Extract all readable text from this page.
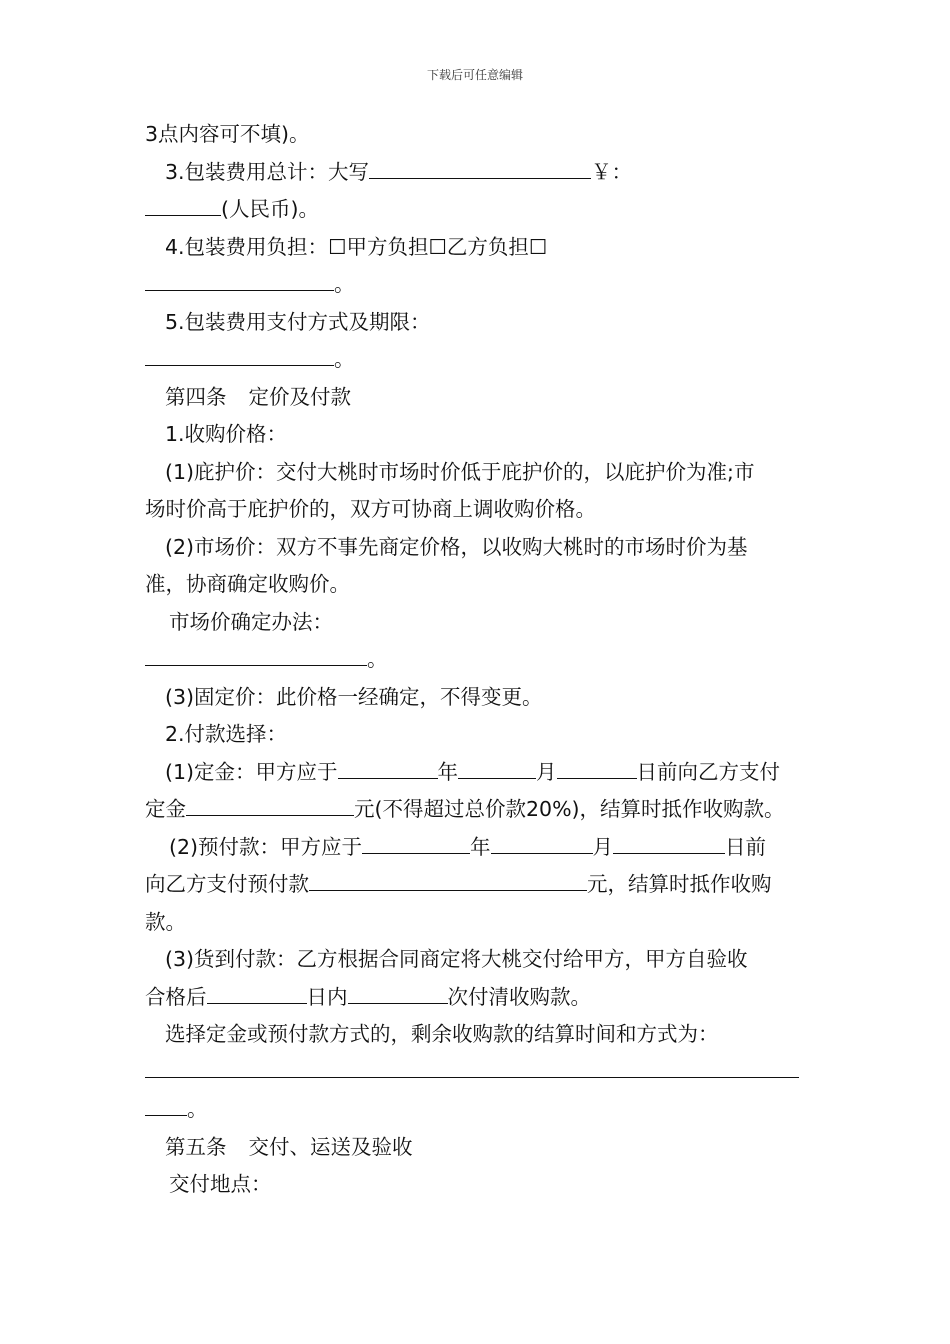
下载后可任意编辑
3点内容可不填)。
3.包装费用总计：大写	￥：
(人民币)。
4.包装费用负担： ☐ 甲方负担 ☐ 乙方负担 ☐
。
5.包装费用支付方式及期限：
。
第四条 定价及付款
1.收购价格：
(1)庇护价：交付大桃时市场时价低于庇护价的，以庇护价为准;市
场时价高于庇护价的，双方可协商上调收购价格。
(2)市场价：双方不事先商定价格，以收购大桃时的市场时价为基
准，协商确定收购价。
市场价确定办法：
。
(3)固定价：此价格一经确定，不得变更。
2.付款选择：
(1)定金：甲方应于	年	月	日前向乙方支付
定金	元(不得超过总价款20%)，结算时抵作收购款。
(2)预付款：甲方应于	年	月	日前
向乙方支付预付款	元，结算时抵作收购
款。
(3)货到付款：乙方根据合同商定将大桃交付给甲方，甲方自验收
合格后	日内	次付清收购款。
选择定金或预付款方式的，剩余收购款的结算时间和方式为：
。
第五条 交付、运送及验收
交付地点：
